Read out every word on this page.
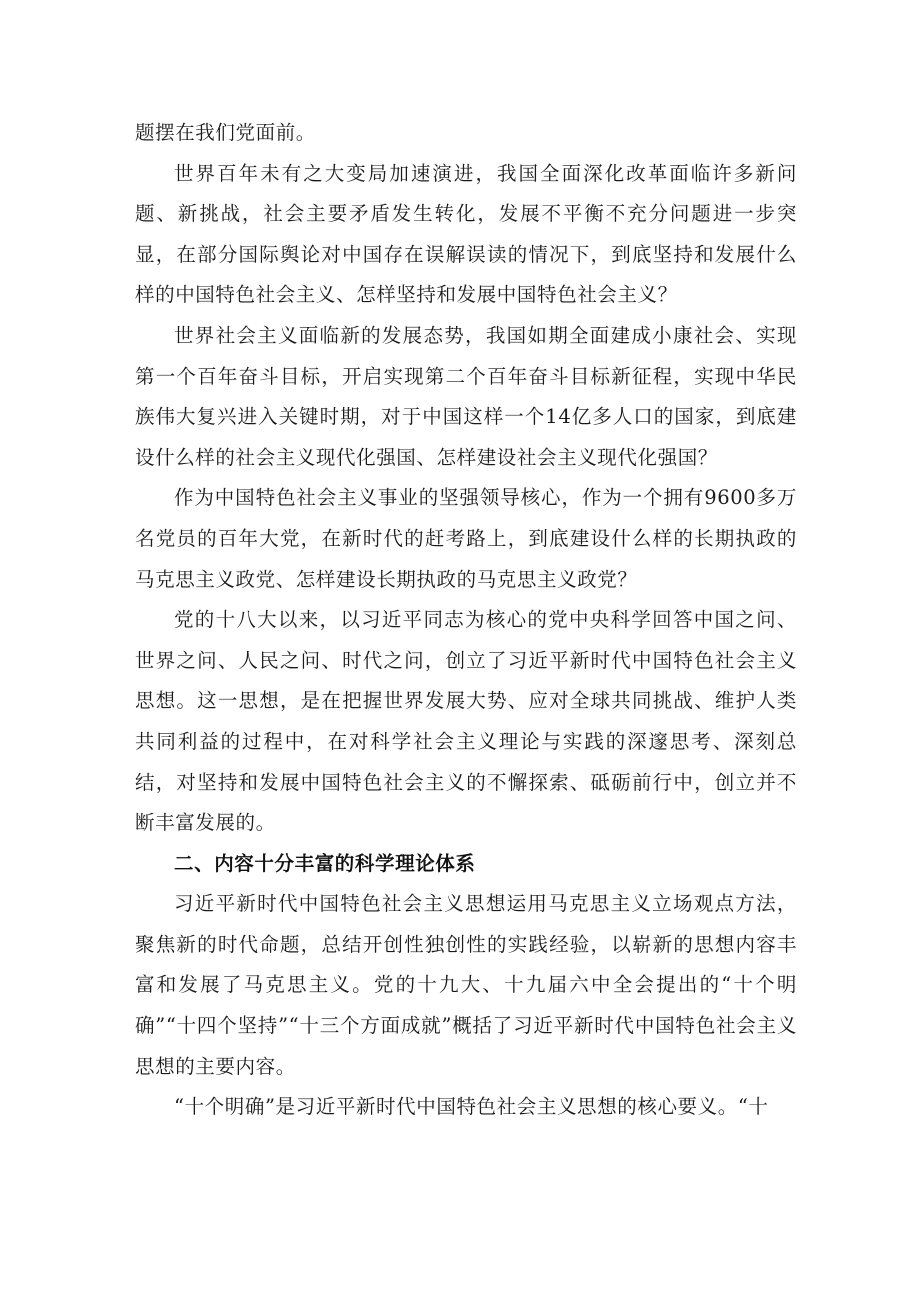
题摆在我们党面前。

世界百年未有之大变局加速演进，我国全面深化改革面临许多新问题、新挑战，社会主要矛盾发生转化，发展不平衡不充分问题进一步突显，在部分国际舆论对中国存在误解误读的情况下，到底坚持和发展什么样的中国特色社会主义、怎样坚持和发展中国特色社会主义？

世界社会主义面临新的发展态势，我国如期全面建成小康社会、实现第一个百年奋斗目标，开启实现第二个百年奋斗目标新征程，实现中华民族伟大复兴进入关键时期，对于中国这样一个14亿多人口的国家，到底建设什么样的社会主义现代化强国、怎样建设社会主义现代化强国？

作为中国特色社会主义事业的坚强领导核心，作为一个拥有9600多万名党员的百年大党，在新时代的赶考路上，到底建设什么样的长期执政的马克思主义政党、怎样建设长期执政的马克思主义政党？

党的十八大以来，以习近平同志为核心的党中央科学回答中国之问、世界之问、人民之问、时代之问，创立了习近平新时代中国特色社会主义思想。这一思想，是在把握世界发展大势、应对全球共同挑战、维护人类共同利益的过程中，在对科学社会主义理论与实践的深邃思考、深刻总结，对坚持和发展中国特色社会主义的不懈探索、砥砺前行中，创立并不断丰富发展的。

二、内容十分丰富的科学理论体系

习近平新时代中国特色社会主义思想运用马克思主义立场观点方法，聚焦新的时代命题，总结开创性独创性的实践经验，以崭新的思想内容丰富和发展了马克思主义。党的十九大、十九届六中全会提出的“十个明确”“十四个坚持”“十三个方面成就”概括了习近平新时代中国特色社会主义思想的主要内容。

“十个明确”是习近平新时代中国特色社会主义思想的核心要义。“十
